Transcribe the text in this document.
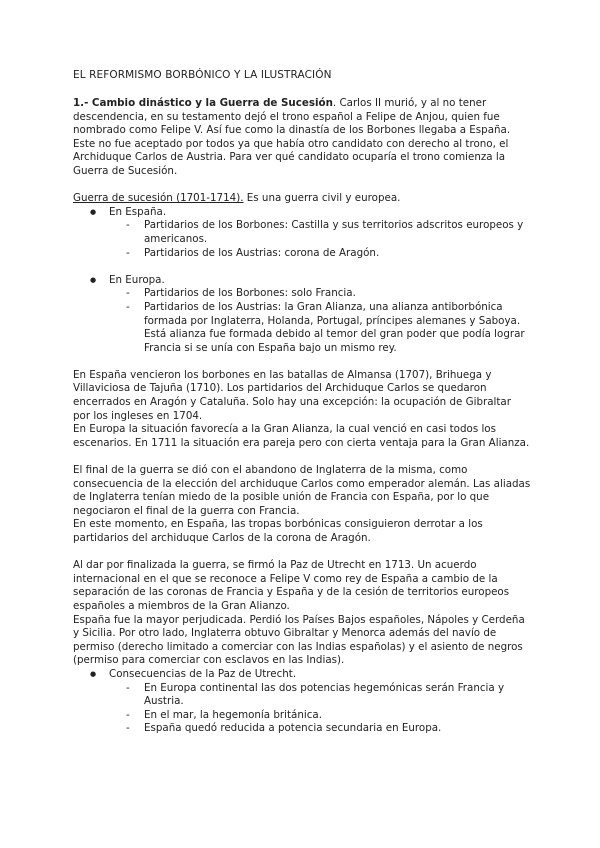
EL REFORMISMO BORBÓNICO Y LA ILUSTRACIÓN

1.- Cambio dinástico y la Guerra de Sucesión. Carlos II murió, y al no tener descendencia, en su testamento dejó el trono español a Felipe de Anjou, quien fue nombrado como Felipe V. Así fue como la dinastía de los Borbones llegaba a España. Este no fue aceptado por todos ya que había otro candidato con derecho al trono, el Archiduque Carlos de Austria. Para ver qué candidato ocuparía el trono comienza la Guerra de Sucesión.

Guerra de sucesión (1701-1714). Es una guerra civil y europea.

● En España.
- Partidarios de los Borbones: Castilla y sus territorios adscritos europeos y americanos.
- Partidarios de los Austrias: corona de Aragón.
● En Europa.
- Partidarios de los Borbones: solo Francia.
- Partidarios de los Austrias: la Gran Alianza, una alianza antiborbónica formada por Inglaterra, Holanda, Portugal, príncipes alemanes y Saboya. Está alianza fue formada debido al temor del gran poder que podía lograr Francia si se unía con España bajo un mismo rey.

En España vencieron los borbones en las batallas de Almansa (1707), Brihuega y Villaviciosa de Tajuña (1710). Los partidarios del Archiduque Carlos se quedaron encerrados en Aragón y Cataluña. Solo hay una excepción: la ocupación de Gibraltar por los ingleses en 1704.

En Europa la situación favorecía a la Gran Alianza, la cual venció en casi todos los escenarios. En 1711 la situación era pareja pero con cierta ventaja para la Gran Alianza.

El final de la guerra se dió con el abandono de Inglaterra de la misma, como consecuencia de la elección del archiduque Carlos como emperador alemán. Las aliadas de Inglaterra tenían miedo de la posible unión de Francia con España, por lo que negociaron el final de la guerra con Francia.

En este momento, en España, las tropas borbónicas consiguieron derrotar a los partidarios del archiduque Carlos de la corona de Aragón.

Al dar por finalizada la guerra, se firmó la Paz de Utrecht en 1713. Un acuerdo internacional en el que se reconoce a Felipe V como rey de España a cambio de la separación de las coronas de Francia y España y de la cesión de territorios europeos españoles a miembros de la Gran Alianzo.

España fue la mayor perjudicada. Perdió los Países Bajos españoles, Nápoles y Cerdeña y Sicilia. Por otro lado, Inglaterra obtuvo Gibraltar y Menorca además del navío de permiso (derecho limitado a comerciar con las Indias españolas) y el asiento de negros (permiso para comerciar con esclavos en las Indias).

● Consecuencias de la Paz de Utrecht.
- En Europa continental las dos potencias hegemónicas serán Francia y Austria.
- En el mar, la hegemonía británica.
- España quedó reducida a potencia secundaria en Europa.
